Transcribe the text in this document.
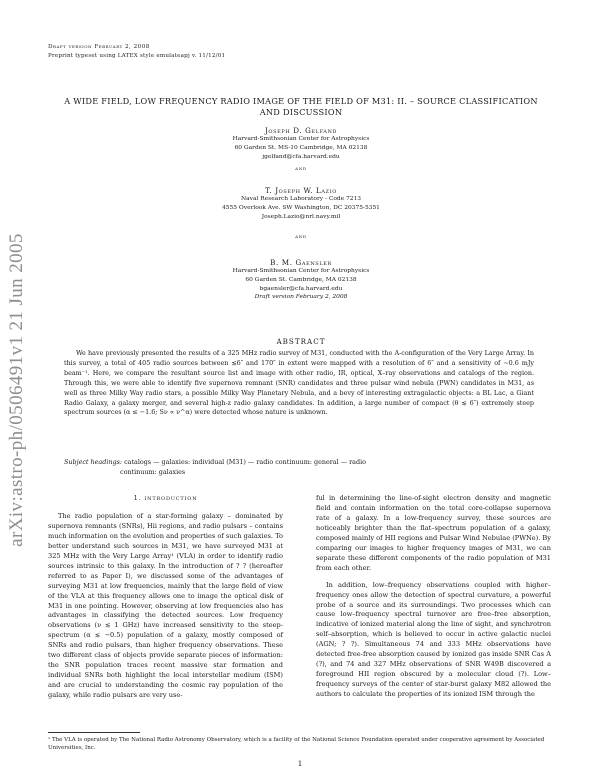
Draft version February 2, 2008
Preprint typeset using LATEX style emulateapj v. 11/12/01
arXiv:astro-ph/0506491v1 21 Jun 2005
A WIDE FIELD, LOW FREQUENCY RADIO IMAGE OF THE FIELD OF M31: II. – SOURCE CLASSIFICATION AND DISCUSSION
Joseph D. Gelfand
Harvard-Smithsonian Center for Astrophysics
60 Garden St. MS-10 Cambridge, MA 02138
jgelfand@cfa.harvard.edu
and
T. Joseph W. Lazio
Naval Research Laboratory - Code 7213
4555 Overlook Ave. SW Washington, DC 20375-5351
Joseph.Lazio@nrl.navy.mil
and
B. M. Gaensler
Harvard-Smithsonian Center for Astrophysics
60 Garden St. Cambridge, MA 02138
bgaensler@cfa.harvard.edu
Draft version February 2, 2008
ABSTRACT
We have previously presented the results of a 325 MHz radio survey of M31, conducted with the A-configuration of the Very Large Array. In this survey, a total of 405 radio sources between ≲6″ and 170″ in extent were mapped with a resolution of 6″ and a sensitivity of ∼0.6 mJy beam⁻¹. Here, we compare the resultant source list and image with other radio, IR, optical, X–ray observations and catalogs of the region. Through this, we were able to identify five supernova remnant (SNR) candidates and three pulsar wind nebula (PWN) candidates in M31, as well as three Milky Way radio stars, a possible Milky Way Planetary Nebula, and a bevy of interesting extragalactic objects: a BL Lac, a Giant Radio Galaxy, a galaxy merger, and several high-z radio galaxy candidates. In addition, a large number of compact (θ ≲ 6″) extremely steep spectrum sources (α ≤ −1.6; Sν ∝ ν^α) were detected whose nature is unknown.
Subject headings: catalogs — galaxies: individual (M31) — radio continuum: general — radio
continuum: galaxies
1. introduction

The radio population of a star-forming galaxy – dominated by supernova remnants (SNRs), Hii regions, and radio pulsars – contains much information on the evolution and properties of such galaxies. To better understand such sources in M31, we have surveyed M31 at 325 MHz with the Very Large Array¹ (VLA) in order to identify radio sources intrinsic to this galaxy. In the introduction of ? ? (hereafter referred to as Paper I), we discussed some of the advantages of surveying M31 at low frequencies, mainly that the large field of view of the VLA at this frequency allows one to image the optical disk of M31 in one pointing. However, observing at low frequencies also has advantages in classifying the detected sources. Low frequency observations (ν ≲ 1 GHz) have increased sensitivity to the steep-spectrum (α ≲ −0.5) population of a galaxy, mostly composed of SNRs and radio pulsars, than higher frequency observations. These two different class of objects provide separate pieces of information: the SNR population traces recent massive star formation and individual SNRs both highlight the local interstellar medium (ISM) and are crucial to understanding the cosmic ray population of the galaxy, while radio pulsars are very use-

ful in determining the line-of-sight electron density and magnetic field and contain information on the total core-collapse supernova rate of a galaxy. In a low-frequency survey, these sources are noticeably brighter than the flat–spectrum population of a galaxy, composed mainly of HII regions and Pulsar Wind Nebulae (PWNe). By comparing our images to higher frequency images of M31, we can separate these different components of the radio population of M31 from each other.

In addition, low–frequency observations coupled with higher–frequency ones allow the detection of spectral curvature, a powerful probe of a source and its surroundings. Two processes which can cause low–frequency spectral turnover are free–free absorption, indicative of ionized material along the line of sight, and synchrotron self–absorption, which is believed to occur in active galactic nuclei (AGN; ? ?). Simultaneous 74 and 333 MHz observations have detected free-free absorption caused by ionized gas inside SNR Cas A (?), and 74 and 327 MHz observations of SNR W49B discovered a foreground HII region obscured by a molecular cloud (?). Low–frequency surveys of the center of star-burst galaxy M82 allowed the authors to calculate the properties of its ionized ISM through the

¹ The VLA is operated by The National Radio Astronomy Observatory, which is a facility of the National Science Foundation operated under cooperative agreement by Associated Universities, Inc.
1
